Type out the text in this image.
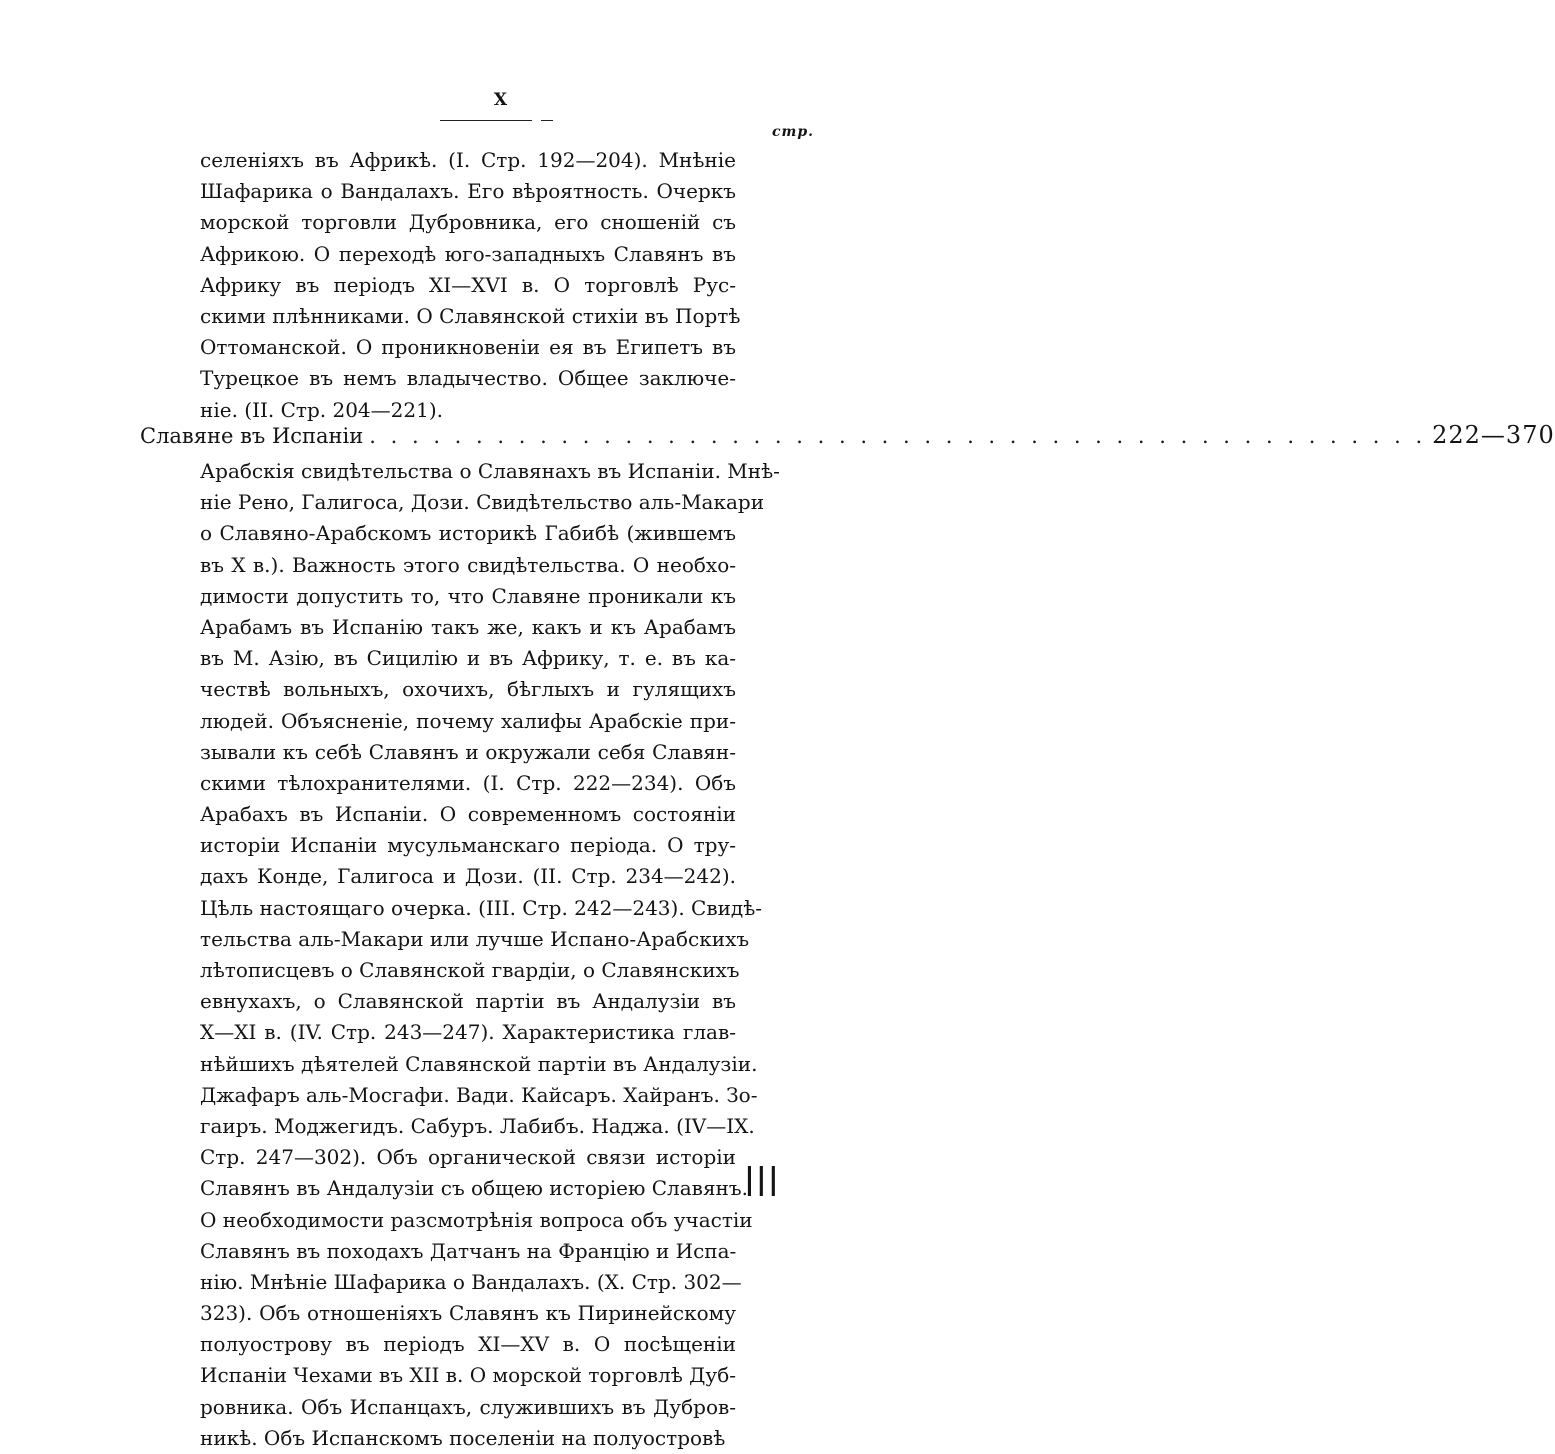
X
стр.
селеніяхъ въ Африкѣ. (I. Стр. 192—204). Мнѣніе
Шафарика о Вандалахъ. Его вѣроятность. Очеркъ
морской торговли Дубровника, его сношеній съ
Африкою. О переходѣ юго-западныхъ Славянъ въ
Африку въ періодъ XI—XVI в. О торговлѣ Рус-
скими плѣнниками. О Славянской стихіи въ Портѣ
Оттоманской. О проникновеніи ея въ Египетъ въ
Турецкое въ немъ владычество. Общее заключе-
ніе. (II. Стр. 204—221).
Славяне въ Испаніи . . . . . . . . . . . . . . . . . . . . . . . . . . . . . . . . . . . . . . . . . . . . . . . . . . 222—370
Арабскія свидѣтельства о Славянахъ въ Испаніи. Мнѣ-
ніе Рено, Галигоса, Дози. Свидѣтельство аль-Макари
о Славяно-Арабскомъ историкѣ Габибѣ (жившемъ
въ X в.). Важность этого свидѣтельства. О необхо-
димости допустить то, что Славяне проникали къ
Арабамъ въ Испанію такъ же, какъ и къ Арабамъ
въ М. Азію, въ Сицилію и въ Африку, т. е. въ ка-
чествѣ вольныхъ, охочихъ, бѣглыхъ и гулящихъ
людей. Объясненіе, почему халифы Арабскіе при-
зывали къ себѣ Славянъ и окружали себя Славян-
скими тѣлохранителями. (I. Стр. 222—234). Объ
Арабахъ въ Испаніи. О современномъ состояніи
исторіи Испаніи мусульманскаго періода. О тру-
дахъ Конде, Галигоса и Дози. (II. Стр. 234—242).
Цѣль настоящаго очерка. (III. Стр. 242—243). Свидѣ-
тельства аль-Макари или лучше Испано-Арабскихъ
лѣтописцевъ о Славянской гвардіи, о Славянскихъ
евнухахъ, о Славянской партіи въ Андалузіи въ
X—XI в. (IV. Стр. 243—247). Характеристика глав-
нѣйшихъ дѣятелей Славянской партіи въ Андалузіи.
Джафаръ аль-Мосгафи. Вади. Кайсаръ. Хайранъ. Зо-
гаиръ. Моджегидъ. Сабуръ. Лабибъ. Наджа. (IV—IX.
Стр. 247—302). Объ органической связи исторіи
Славянъ въ Андалузіи съ общею исторіею Славянъ.
О необходимости разсмотрѣнія вопроса объ участіи
Славянъ въ походахъ Датчанъ на Францію и Испа-
нію. Мнѣніе Шафарика о Вандалахъ. (X. Стр. 302—
323). Объ отношеніяхъ Славянъ къ Пиринейскому
полуострову въ періодъ XI—XV в. О посѣщеніи
Испаніи Чехами въ XII в. О морской торговлѣ Дуб-
ровника. Объ Испанцахъ, служившихъ въ Дубров-
никѣ. Объ Испанскомъ поселеніи на полуостровѣ
|||
